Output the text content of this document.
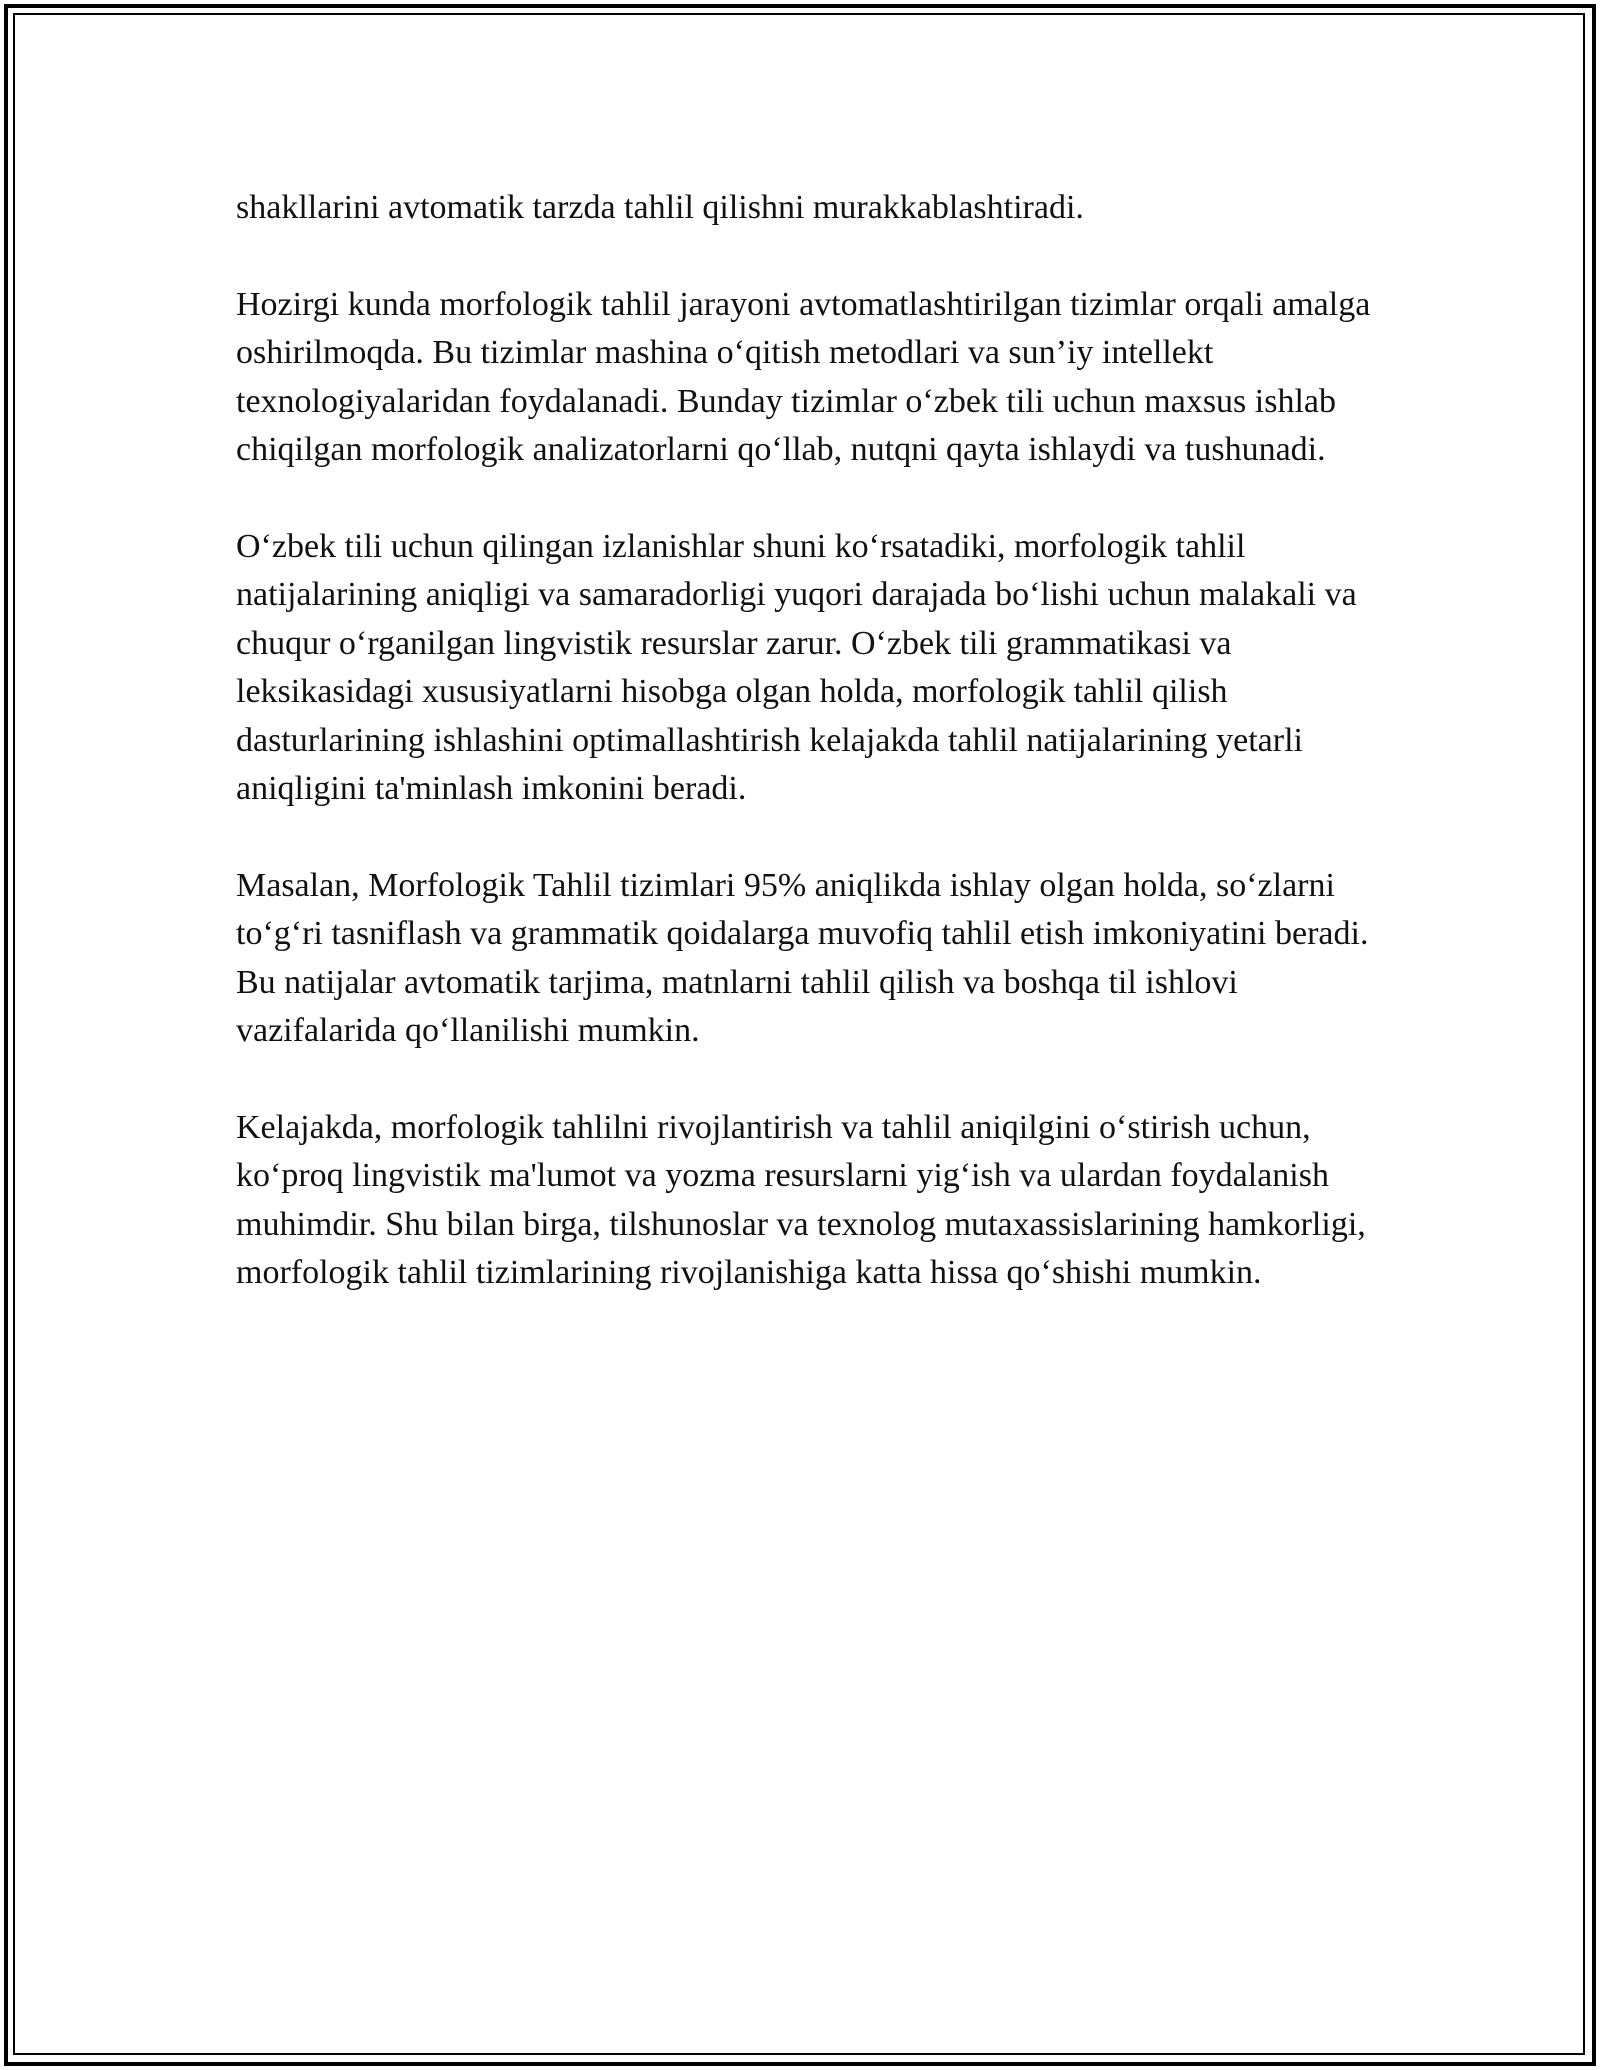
shakllarini avtomatik tarzda tahlil qilishni murakkablashtiradi.

Hozirgi kunda morfologik tahlil jarayoni avtomatlashtirilgan tizimlar orqali amalga oshirilmoqda. Bu tizimlar mashina o‘qitish metodlari va sun’iy intellekt texnologiyalaridan foydalanadi. Bunday tizimlar o‘zbek tili uchun maxsus ishlab chiqilgan morfologik analizatorlarni qo‘llab, nutqni qayta ishlaydi va tushunadi.

O‘zbek tili uchun qilingan izlanishlar shuni ko‘rsatadiki, morfologik tahlil natijalarining aniqligi va samaradorligi yuqori darajada bo‘lishi uchun malakali va chuqur o‘rganilgan lingvistik resurslar zarur. O‘zbek tili grammatikasi va leksikasidagi xususiyatlarni hisobga olgan holda, morfologik tahlil qilish dasturlarining ishlashini optimallashtirish kelajakda tahlil natijalarining yetarli aniqligini ta'minlash imkonini beradi.

Masalan, Morfologik Tahlil tizimlari 95% aniqlikda ishlay olgan holda, so‘zlarni to‘g‘ri tasniflash va grammatik qoidalarga muvofiq tahlil etish imkoniyatini beradi. Bu natijalar avtomatik tarjima, matnlarni tahlil qilish va boshqa til ishlovi vazifalarida qo‘llanilishi mumkin.

Kelajakda, morfologik tahlilni rivojlantirish va tahlil aniqilgini o‘stirish uchun, ko‘proq lingvistik ma'lumot va yozma resurslarni yig‘ish va ulardan foydalanish muhimdir. Shu bilan birga, tilshunoslar va texnolog mutaxassislarining hamkorligi, morfologik tahlil tizimlarining rivojlanishiga katta hissa qo‘shishi mumkin.
